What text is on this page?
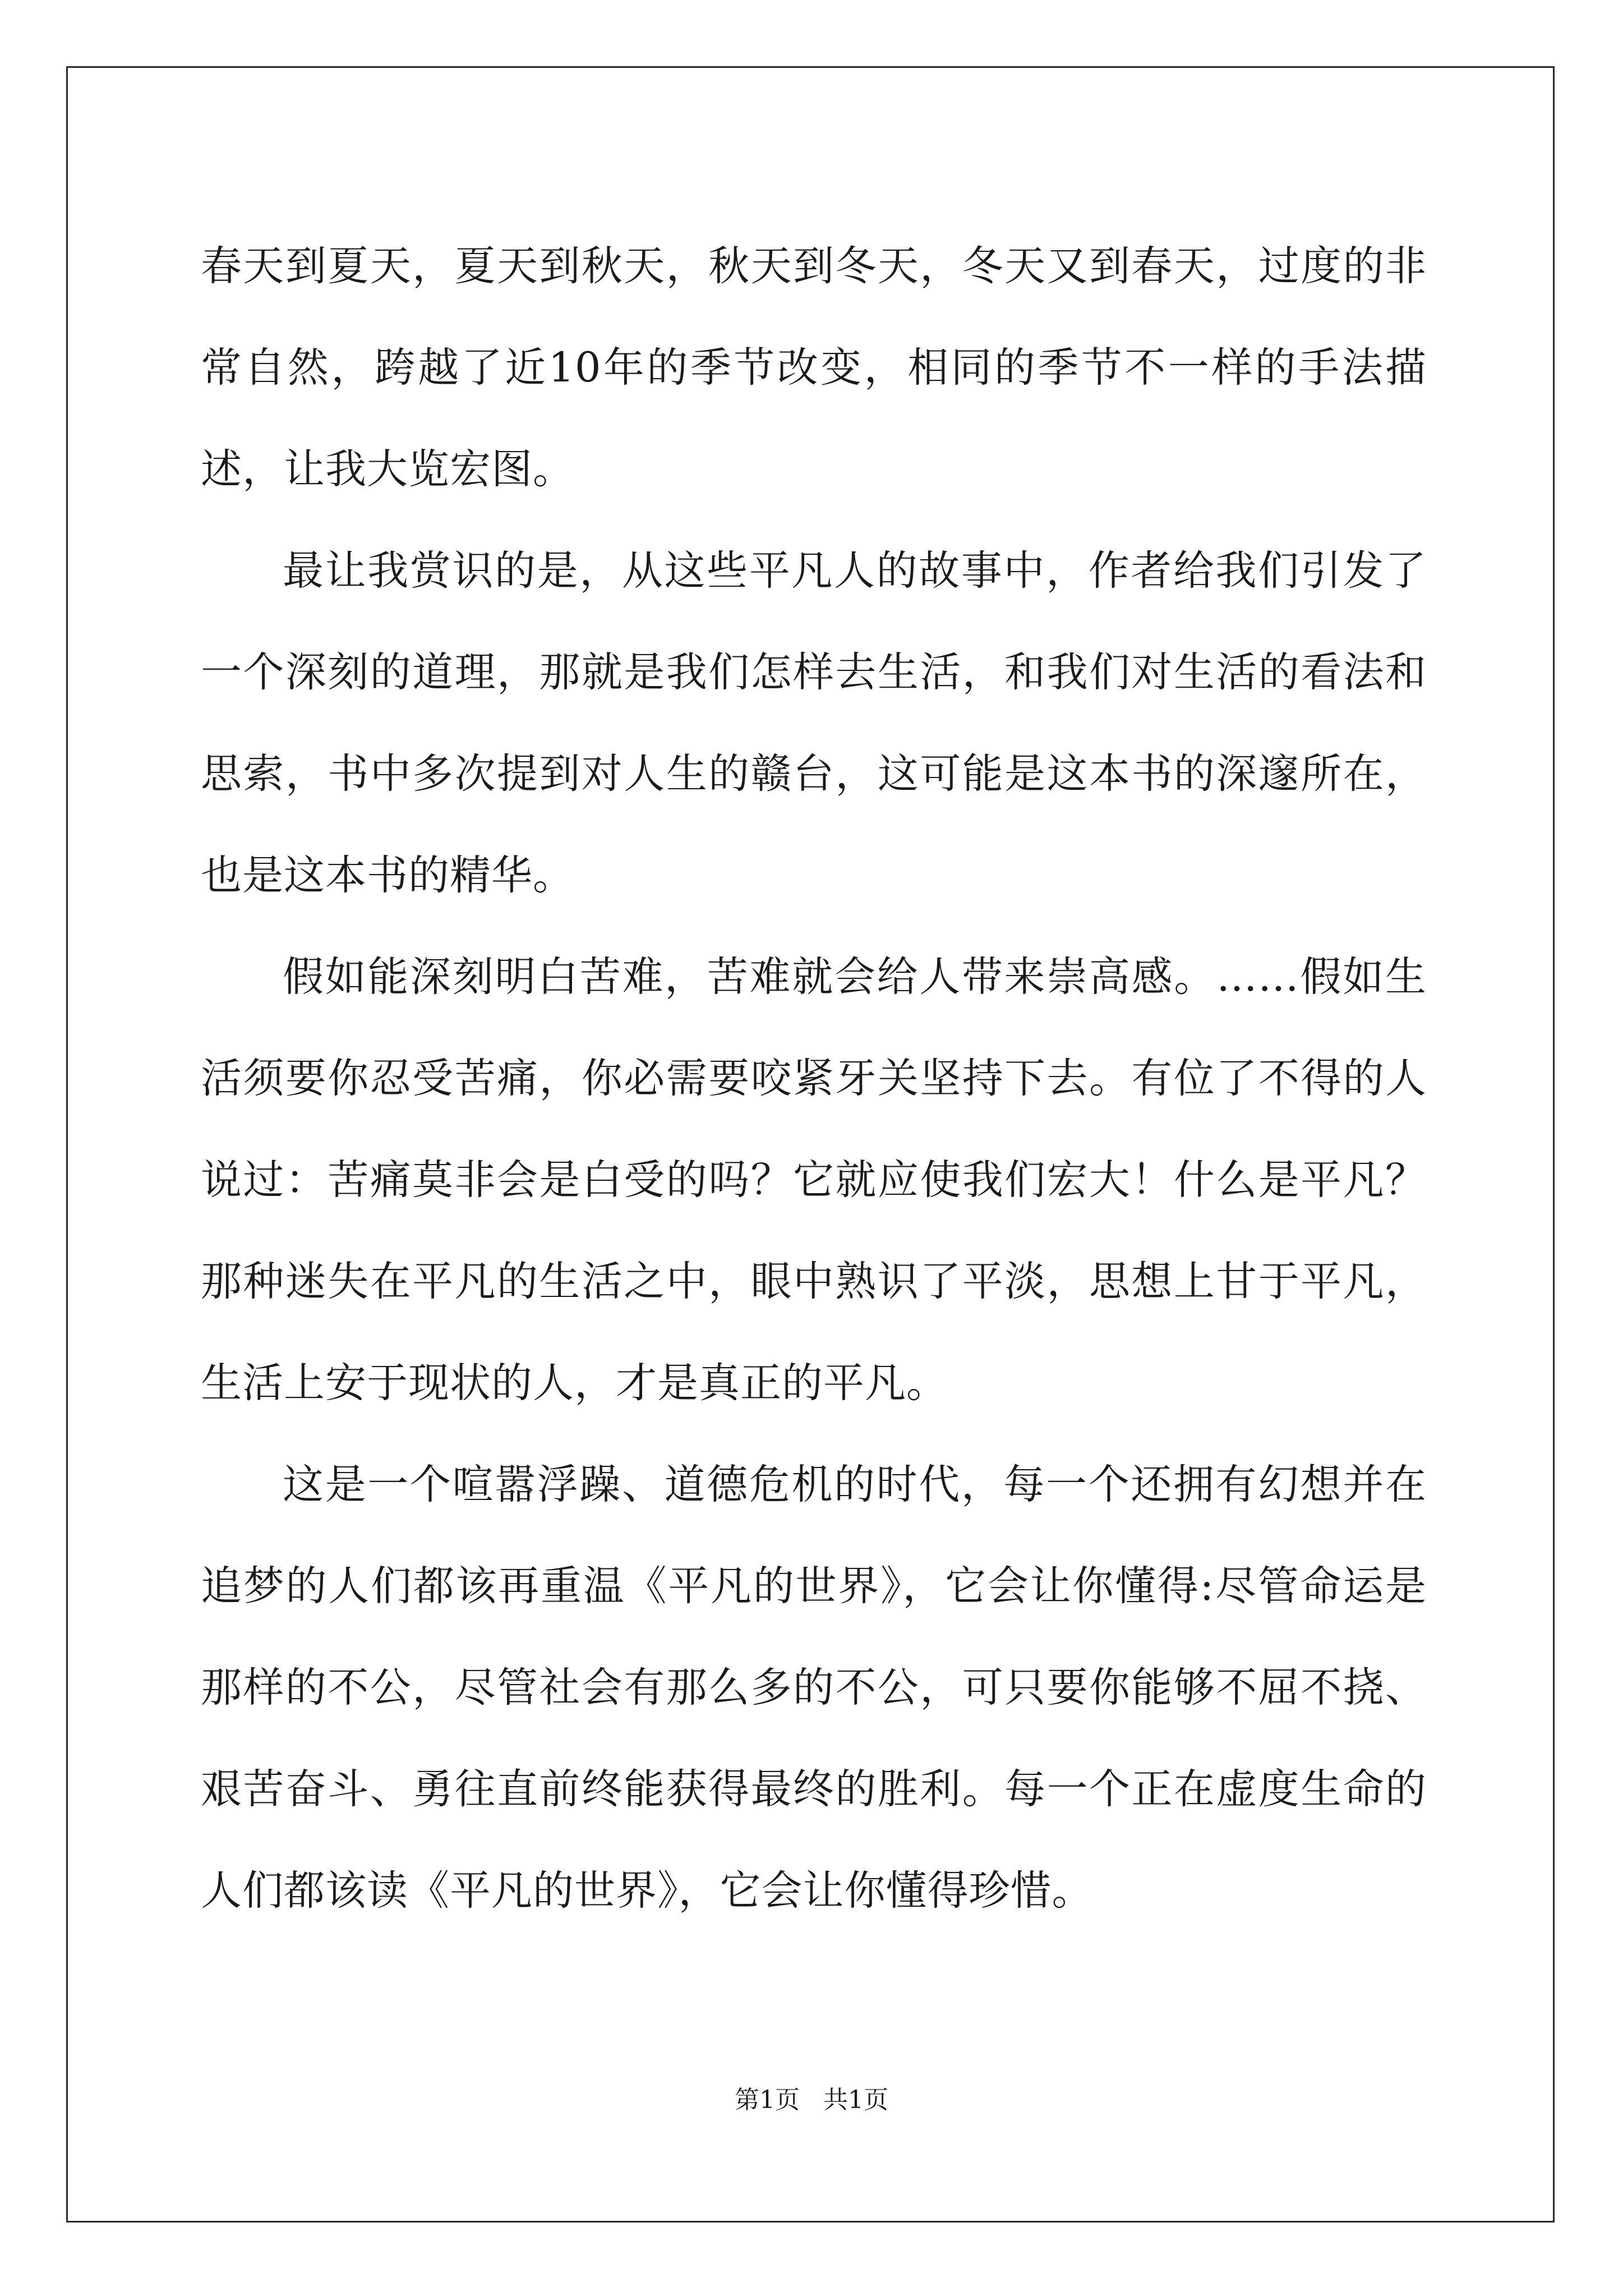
春天到夏天，夏天到秋天，秋天到冬天，冬天又到春天，过度的非常自然，跨越了近10年的季节改变，相同的季节不一样的手法描述，让我大览宏图。

最让我赏识的是，从这些平凡人的故事中，作者给我们引发了一个深刻的道理，那就是我们怎样去生活，和我们对生活的看法和思索，书中多次提到对人生的赣台，这可能是这本书的深邃所在，也是这本书的精华。

假如能深刻明白苦难，苦难就会给人带来崇高感。……假如生活须要你忍受苦痛，你必需要咬紧牙关坚持下去。有位了不得的人说过：苦痛莫非会是白受的吗？它就应使我们宏大！什么是平凡？那种迷失在平凡的生活之中，眼中熟识了平淡，思想上甘于平凡，生活上安于现状的人，才是真正的平凡。

这是一个喧嚣浮躁、道德危机的时代，每一个还拥有幻想并在追梦的人们都该再重温《平凡的世界》，它会让你懂得:尽管命运是那样的不公，尽管社会有那么多的不公，可只要你能够不屈不挠、艰苦奋斗、勇往直前终能获得最终的胜利。每一个正在虚度生命的人们都该读《平凡的世界》，它会让你懂得珍惜。

第1页   共1页
